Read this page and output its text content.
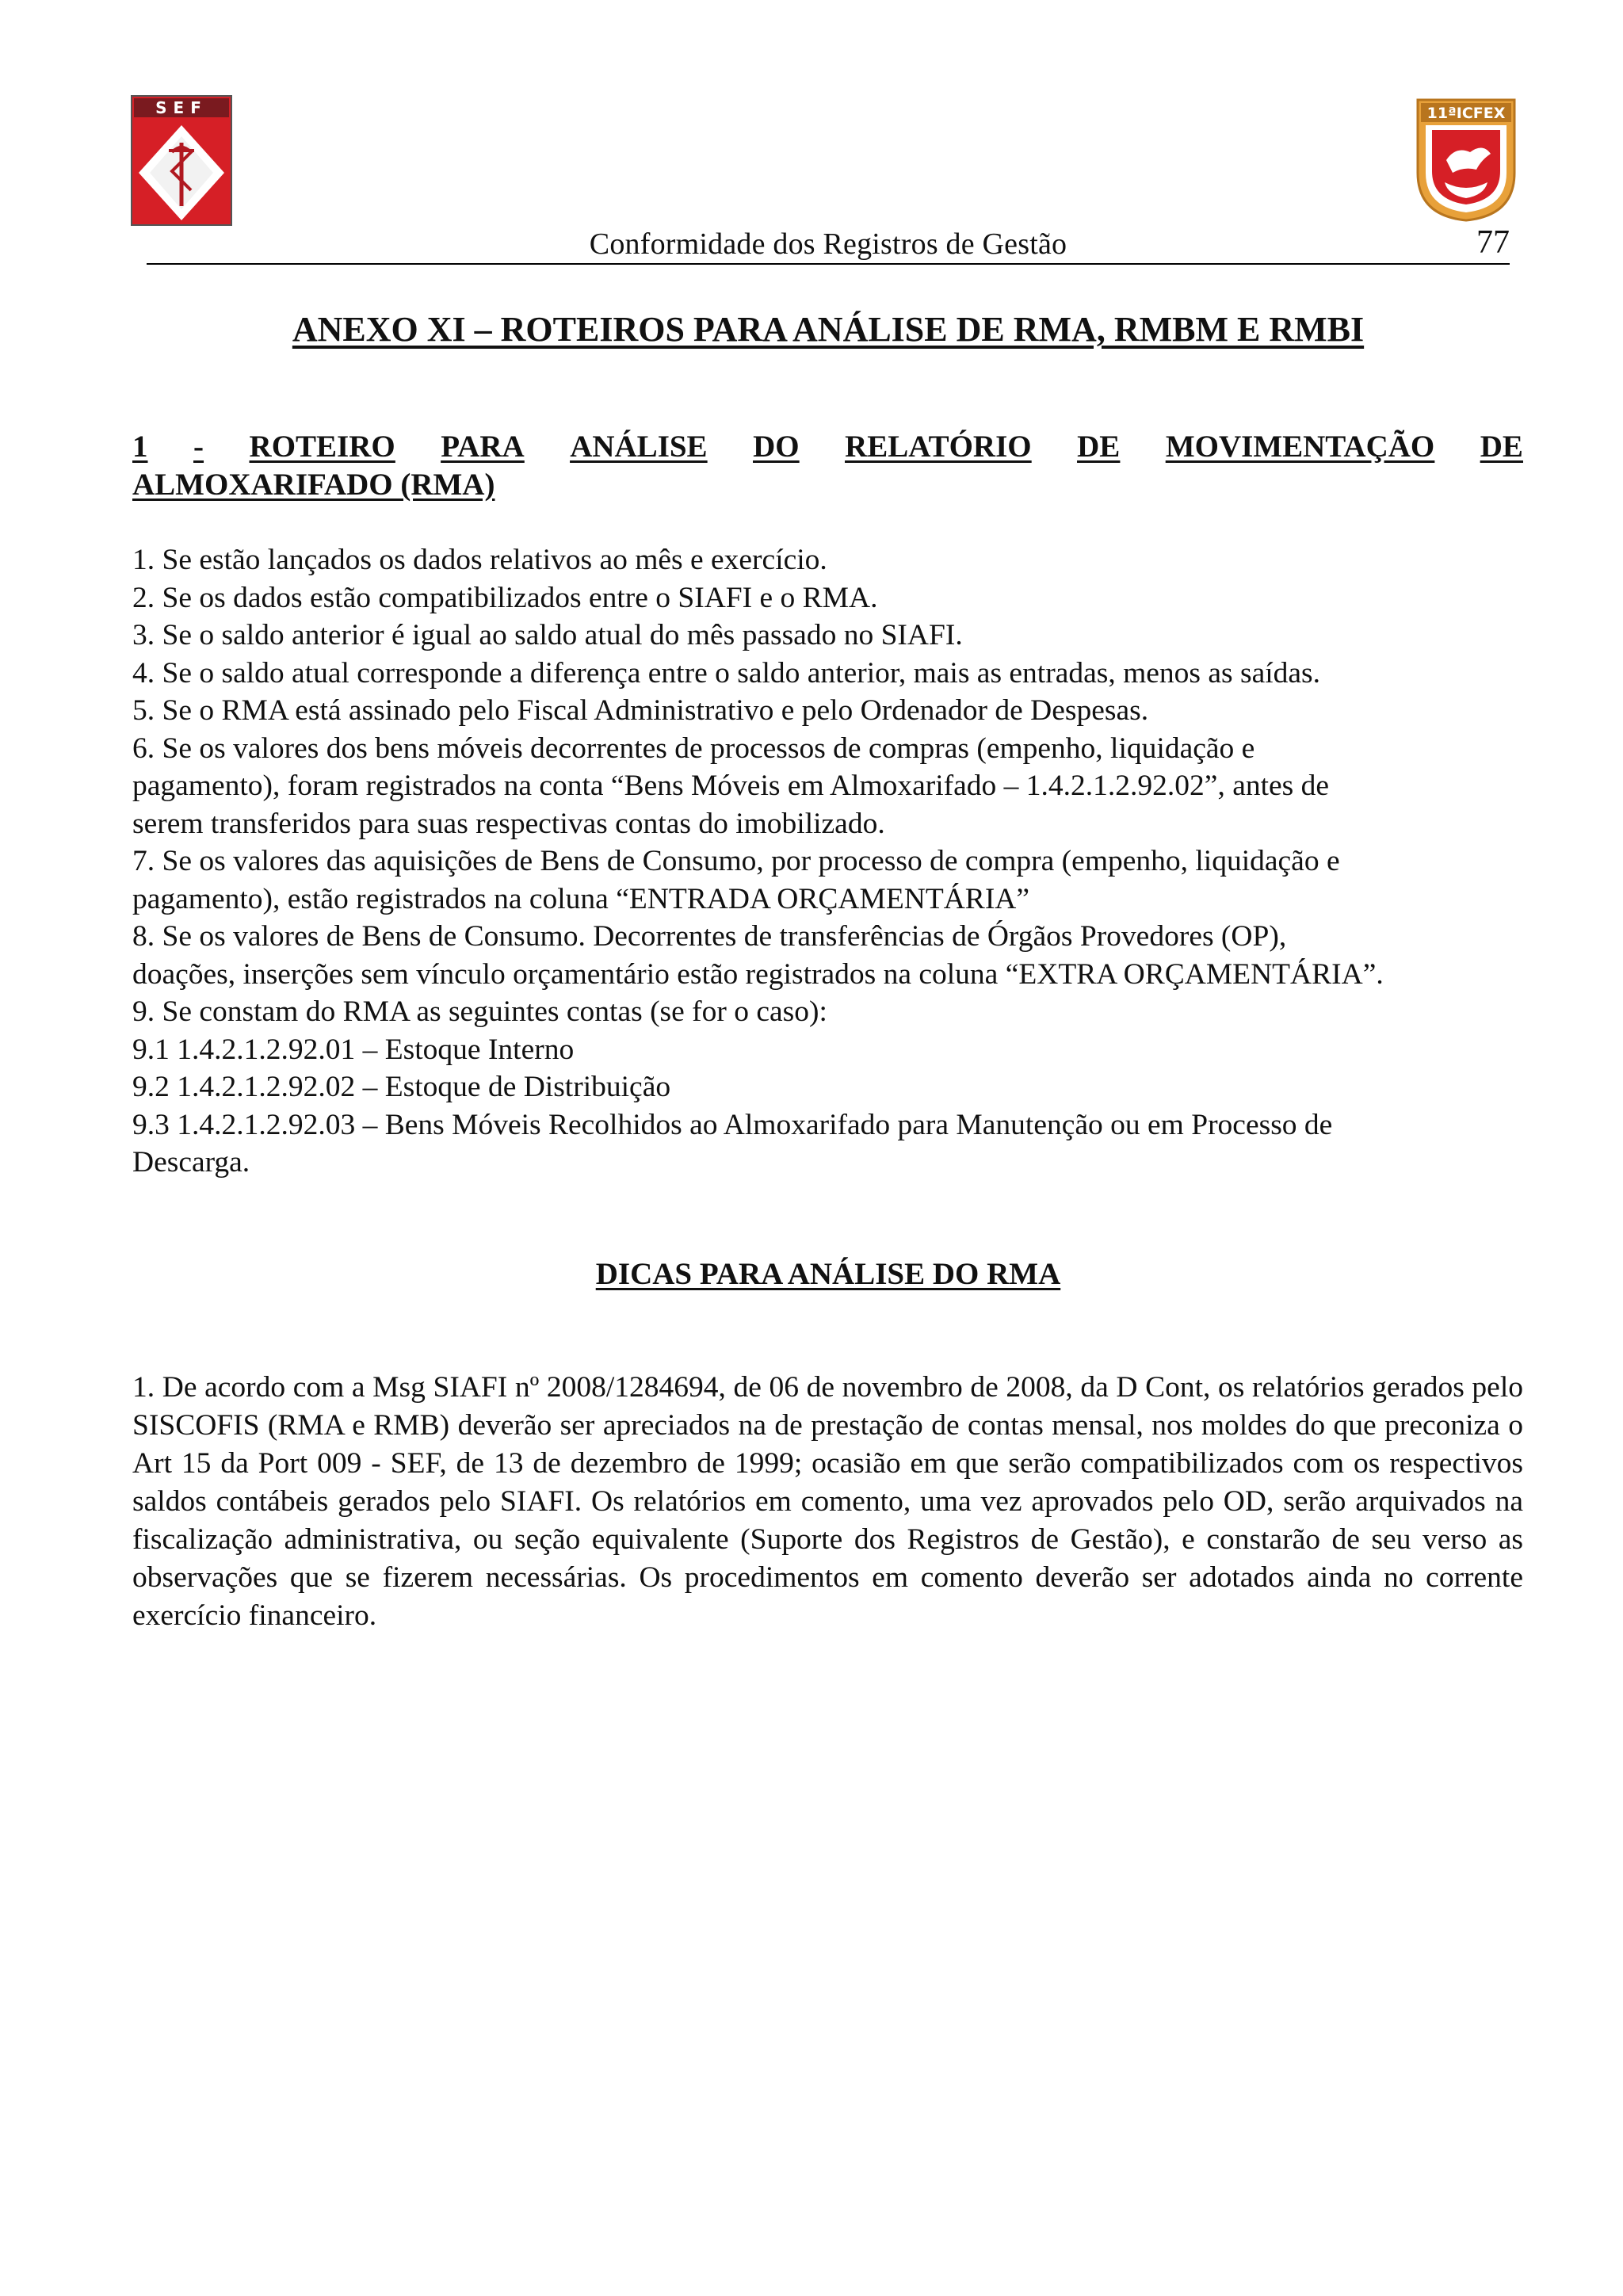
SEF	11ªICFEX
Conformidade dos Registros de Gestão	77
ANEXO XI – ROTEIROS PARA ANÁLISE DE RMA, RMBM E RMBI
1 - ROTEIRO PARA ANÁLISE DO RELATÓRIO DE MOVIMENTAÇÃO DE
ALMOXARIFADO (RMA)
1. Se estão lançados os dados relativos ao mês e exercício.
2. Se os dados estão compatibilizados entre o SIAFI e o RMA.
3. Se o saldo anterior é igual ao saldo atual do mês passado no SIAFI.
4. Se o saldo atual corresponde a diferença entre o saldo anterior, mais as entradas, menos as saídas.
5. Se o RMA está assinado pelo Fiscal Administrativo e pelo Ordenador de Despesas.
6. Se os valores dos bens móveis decorrentes de processos de compras (empenho, liquidação e
pagamento), foram registrados na conta “Bens Móveis em Almoxarifado – 1.4.2.1.2.92.02”, antes de
serem transferidos para suas respectivas contas do imobilizado.
7. Se os valores das aquisições de Bens de Consumo, por processo de compra (empenho, liquidação e
pagamento), estão registrados na coluna “ENTRADA ORÇAMENTÁRIA”
8. Se os valores de Bens de Consumo. Decorrentes de transferências de Órgãos Provedores (OP),
doações, inserções sem vínculo orçamentário estão registrados na coluna “EXTRA ORÇAMENTÁRIA”.
9. Se constam do RMA as seguintes contas (se for o caso):
9.1 1.4.2.1.2.92.01 – Estoque Interno
9.2 1.4.2.1.2.92.02 – Estoque de Distribuição
9.3 1.4.2.1.2.92.03 – Bens Móveis Recolhidos ao Almoxarifado para Manutenção ou em Processo de
Descarga.
DICAS PARA ANÁLISE DO RMA

1. De acordo com a Msg SIAFI nº 2008/1284694, de 06 de novembro de 2008, da D Cont, os relatórios gerados pelo SISCOFIS (RMA e RMB) deverão ser apreciados na de prestação de contas mensal, nos moldes do que preconiza o Art 15 da Port 009 - SEF, de 13 de dezembro de 1999; ocasião em que serão compatibilizados com os respectivos saldos contábeis gerados pelo SIAFI. Os relatórios em comento, uma vez aprovados pelo OD, serão arquivados na fiscalização administrativa, ou seção equivalente (Suporte dos Registros de Gestão), e constarão de seu verso as observações que se fizerem necessárias. Os procedimentos em comento deverão ser adotados ainda no corrente exercício financeiro.
